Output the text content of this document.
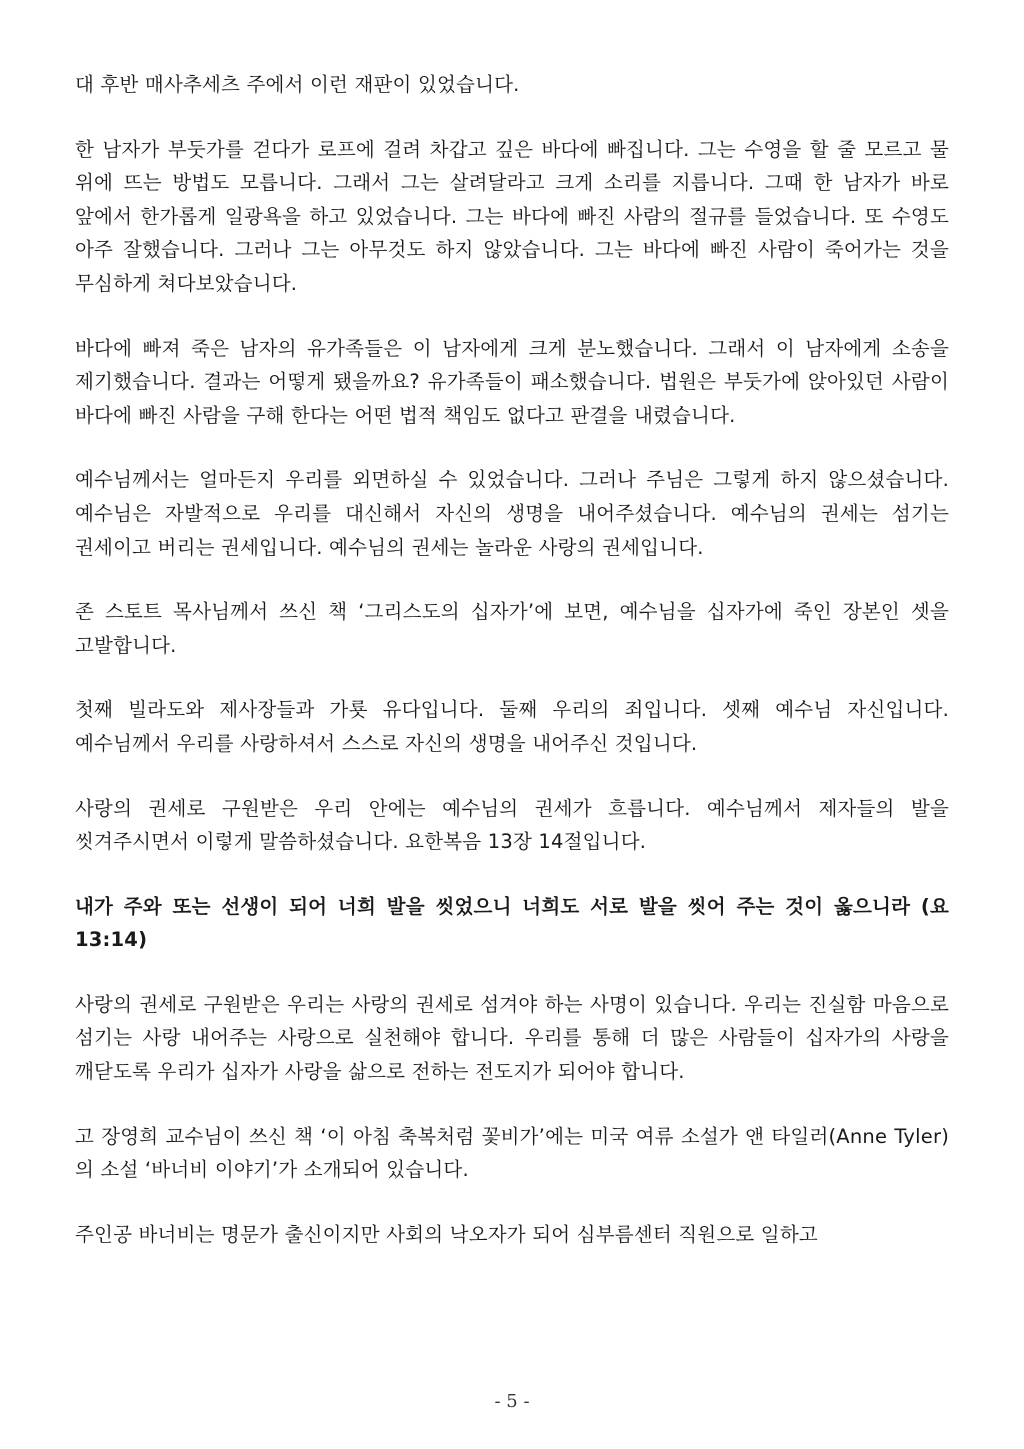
대 후반 매사추세츠 주에서 이런 재판이 있었습니다.

한 남자가 부둣가를 걷다가 로프에 걸려 차갑고 깊은 바다에 빠집니다. 그는 수영을 할 줄 모르고 물 위에 뜨는 방법도 모릅니다. 그래서 그는 살려달라고 크게 소리를 지릅니다. 그때 한 남자가 바로 앞에서 한가롭게 일광욕을 하고 있었습니다. 그는 바다에 빠진 사람의 절규를 들었습니다. 또 수영도 아주 잘했습니다. 그러나 그는 아무것도 하지 않았습니다. 그는 바다에 빠진 사람이 죽어가는 것을 무심하게 쳐다보았습니다.

바다에 빠져 죽은 남자의 유가족들은 이 남자에게 크게 분노했습니다. 그래서 이 남자에게 소송을 제기했습니다. 결과는 어떻게 됐을까요? 유가족들이 패소했습니다. 법원은 부둣가에 앉아있던 사람이 바다에 빠진 사람을 구해 한다는 어떤 법적 책임도 없다고 판결을 내렸습니다.

예수님께서는 얼마든지 우리를 외면하실 수 있었습니다. 그러나 주님은 그렇게 하지 않으셨습니다. 예수님은 자발적으로 우리를 대신해서 자신의 생명을 내어주셨습니다. 예수님의 권세는 섬기는 권세이고 버리는 권세입니다. 예수님의 권세는 놀라운 사랑의 권세입니다.

존 스토트 목사님께서 쓰신 책 ‘그리스도의 십자가’에 보면, 예수님을 십자가에 죽인 장본인 셋을 고발합니다.

첫째 빌라도와 제사장들과 가룟 유다입니다. 둘째 우리의 죄입니다. 셋째 예수님 자신입니다. 예수님께서 우리를 사랑하셔서 스스로 자신의 생명을 내어주신 것입니다.

사랑의 권세로 구원받은 우리 안에는 예수님의 권세가 흐릅니다. 예수님께서 제자들의 발을 씻겨주시면서 이렇게 말씀하셨습니다. 요한복음 13장 14절입니다.

내가 주와 또는 선생이 되어 너희 발을 씻었으니 너희도 서로 발을 씻어 주는 것이 옳으니라 (요 13:14)

사랑의 권세로 구원받은 우리는 사랑의 권세로 섬겨야 하는 사명이 있습니다. 우리는 진실함 마음으로 섬기는 사랑 내어주는 사랑으로 실천해야 합니다. 우리를 통해 더 많은 사람들이 십자가의 사랑을 깨닫도록 우리가 십자가 사랑을 삶으로 전하는 전도지가 되어야 합니다.

고 장영희 교수님이 쓰신 책 ‘이 아침 축복처럼 꽃비가’에는 미국 여류 소설가 앤 타일러(Anne Tyler)의 소설 ‘바너비 이야기’가 소개되어 있습니다.

주인공 바너비는 명문가 출신이지만 사회의 낙오자가 되어 심부름센터 직원으로 일하고

- 5 -
